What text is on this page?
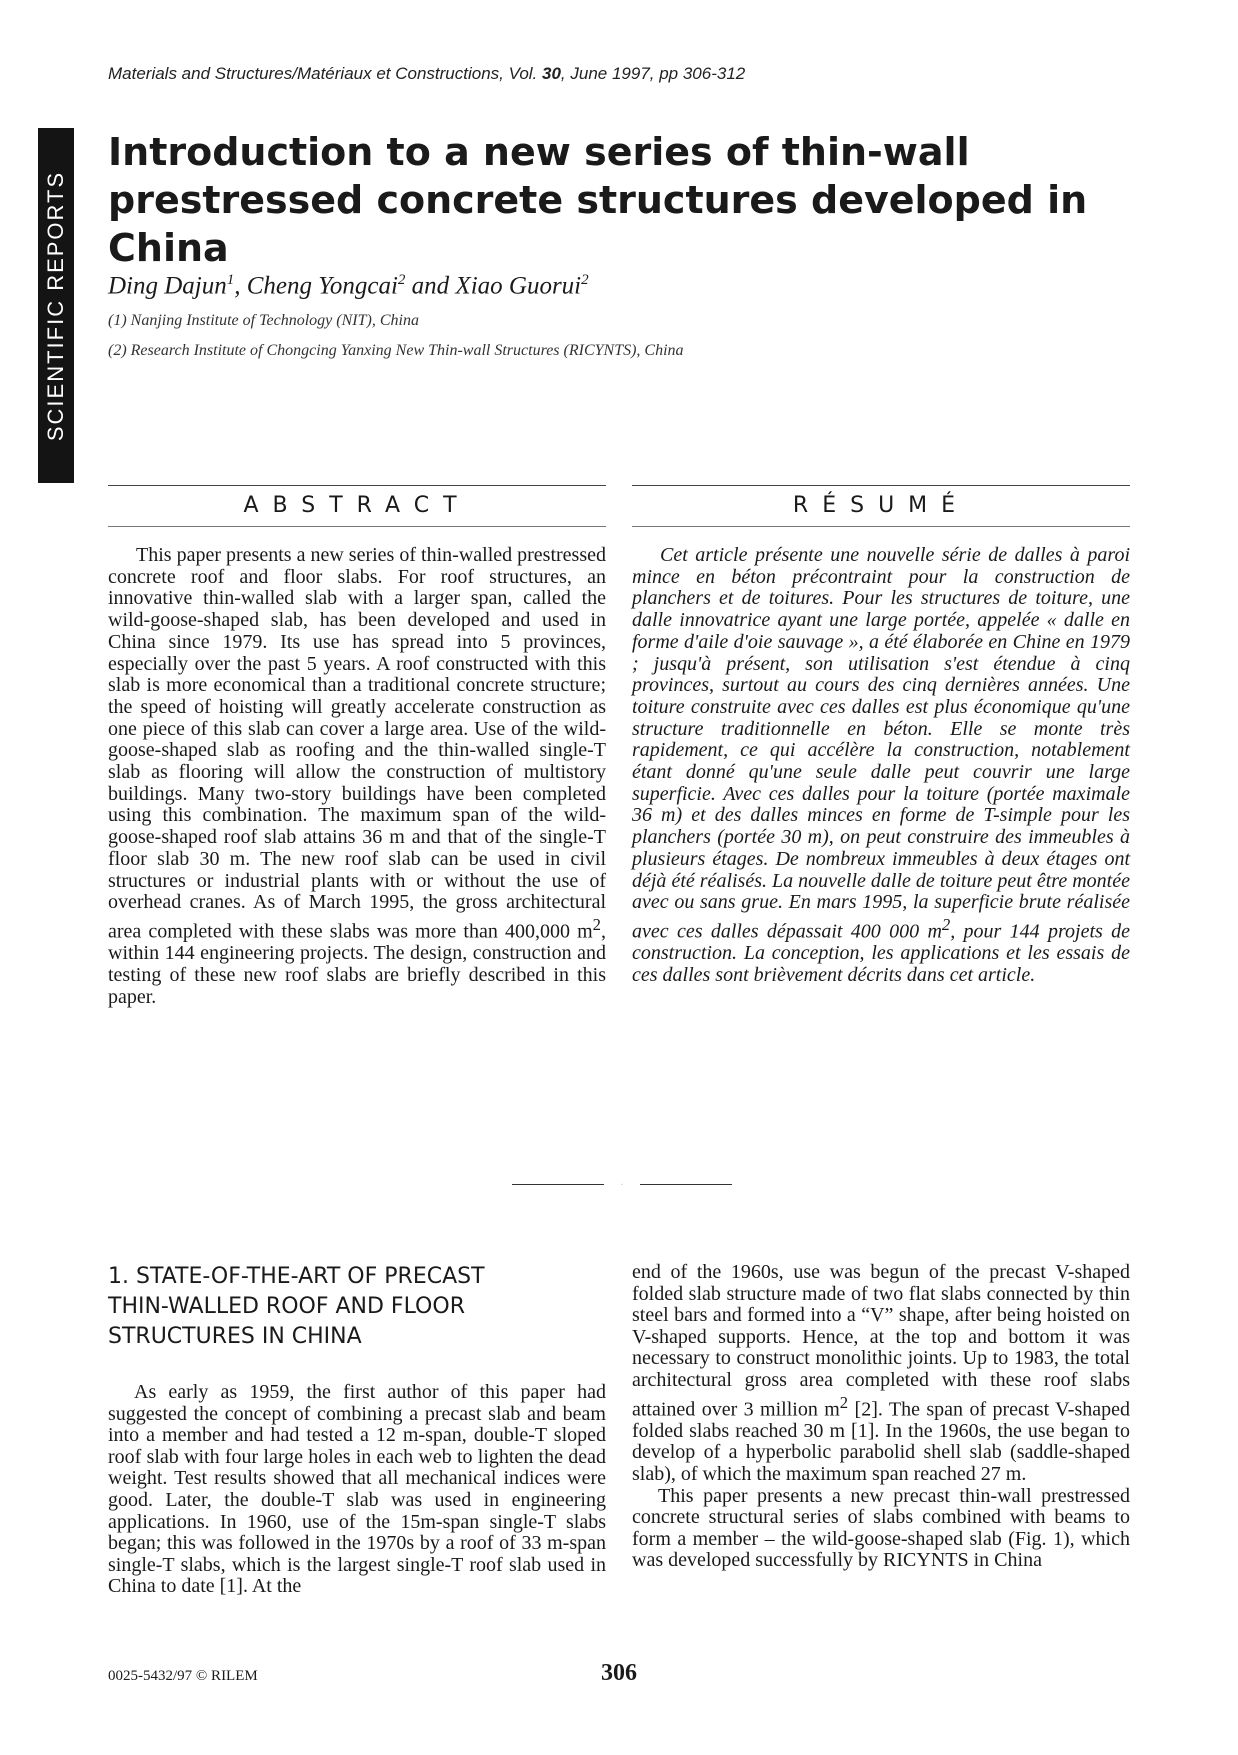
Materials and Structures/Matériaux et Constructions, Vol. 30, June 1997, pp 306-312
SCIENTIFIC REPORTS
Introduction to a new series of thin-wall prestressed concrete structures developed in China
Ding Dajun$^1$, Cheng Yongcai$^2$ and Xiao Guorui$^2$
(1) Nanjing Institute of Technology (NIT), China
(2) Research Institute of Chongcing Yanxing New Thin-wall Structures (RICYNTS), China
ABSTRACT

This paper presents a new series of thin-walled prestressed concrete roof and floor slabs. For roof structures, an innovative thin-walled slab with a larger span, called the wild-goose-shaped slab, has been developed and used in China since 1979. Its use has spread into 5 provinces, especially over the past 5 years. A roof constructed with this slab is more economical than a traditional concrete structure; the speed of hoisting will greatly accelerate construction as one piece of this slab can cover a large area. Use of the wild-goose-shaped slab as roofing and the thin-walled single-T slab as flooring will allow the construction of multistory buildings. Many two-story buildings have been completed using this combination. The maximum span of the wild-goose-shaped roof slab attains 36 m and that of the single-T floor slab 30 m. The new roof slab can be used in civil structures or industrial plants with or without the use of overhead cranes. As of March 1995, the gross architectural area completed with these slabs was more than 400,000 $m^2$, within 144 engineering projects. The design, construction and testing of these new roof slabs are briefly described in this paper.

RÉSUMÉ

Cet article présente une nouvelle série de dalles à paroi mince en béton précontraint pour la construction de planchers et de toitures. Pour les structures de toiture, une dalle innovatrice ayant une large portée, appelée « dalle en forme d'aile d'oie sauvage », a été élaborée en Chine en 1979 ; jusqu'à présent, son utilisation s'est étendue à cinq provinces, surtout au cours des cinq dernières années. Une toiture construite avec ces dalles est plus économique qu'une structure traditionnelle en béton. Elle se monte très rapidement, ce qui accélère la construction, notablement étant donné qu'une seule dalle peut couvrir une large superficie. Avec ces dalles pour la toiture (portée maximale 36 m) et des dalles minces en forme de T-simple pour les planchers (portée 30 m), on peut construire des immeubles à plusieurs étages. De nombreux immeubles à deux étages ont déjà été réalisés. La nouvelle dalle de toiture peut être montée avec ou sans grue. En mars 1995, la superficie brute réalisée avec ces dalles dépassait 400 000 $m^2$, pour 144 projets de construction. La conception, les applications et les essais de ces dalles sont brièvement décrits dans cet article.

·
1. STATE-OF-THE-ART OF PRECAST THIN-WALLED ROOF AND FLOOR STRUCTURES IN CHINA

As early as 1959, the first author of this paper had suggested the concept of combining a precast slab and beam into a member and had tested a 12 m-span, double-T sloped roof slab with four large holes in each web to lighten the dead weight. Test results showed that all mechanical indices were good. Later, the double-T slab was used in engineering applications. In 1960, use of the 15m-span single-T slabs began; this was followed in the 1970s by a roof of 33 m-span single-T slabs, which is the largest single-T roof slab used in China to date [1]. At the

end of the 1960s, use was begun of the precast V-shaped folded slab structure made of two flat slabs connected by thin steel bars and formed into a “V” shape, after being hoisted on V-shaped supports. Hence, at the top and bottom it was necessary to construct monolithic joints. Up to 1983, the total architectural gross area completed with these roof slabs attained over 3 million $m^2$ [2]. The span of precast V-shaped folded slabs reached 30 m [1]. In the 1960s, the use began to develop of a hyperbolic parabolid shell slab (saddle-shaped slab), of which the maximum span reached 27 m.

This paper presents a new precast thin-wall prestressed concrete structural series of slabs combined with beams to form a member – the wild-goose-shaped slab (Fig. 1), which was developed successfully by RICYNTS in China

0025-5432/97 © RILEM	306
